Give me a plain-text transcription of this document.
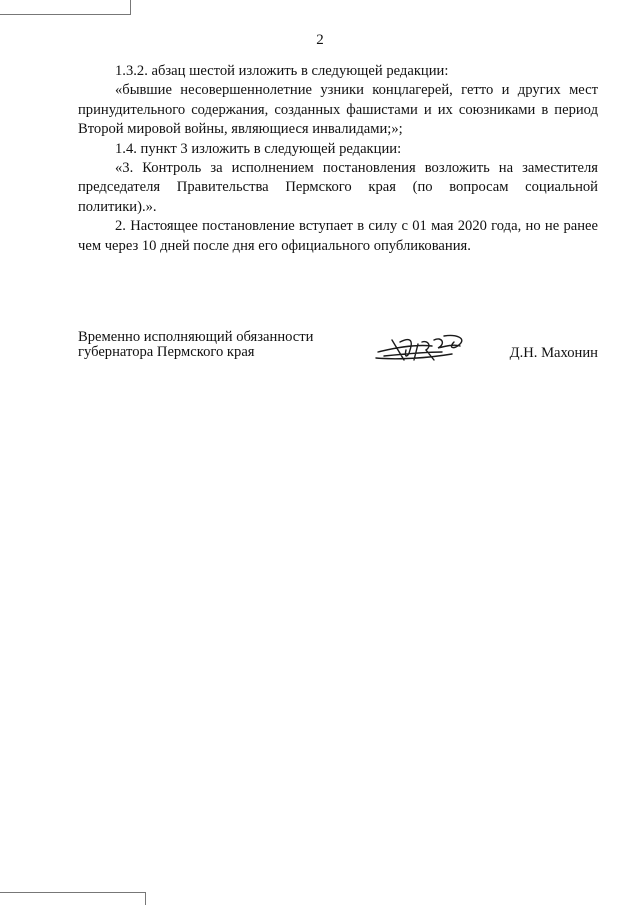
2

1.3.2. абзац шестой изложить в следующей редакции:

«бывшие несовершеннолетние узники концлагерей, гетто и других мест принудительного содержания, созданных фашистами и их союзниками в период Второй мировой войны, являющиеся инвалидами;»;

1.4. пункт 3 изложить в следующей редакции:

«3. Контроль за исполнением постановления возложить на заместителя председателя Правительства Пермского края (по вопросам социальной политики).».

2. Настоящее постановление вступает в силу с 01 мая 2020 года, но не ранее чем через 10 дней после дня его официального опубликования.

Временно исполняющий обязанности
губернатора Пермского края	Д.Н. Махонин
